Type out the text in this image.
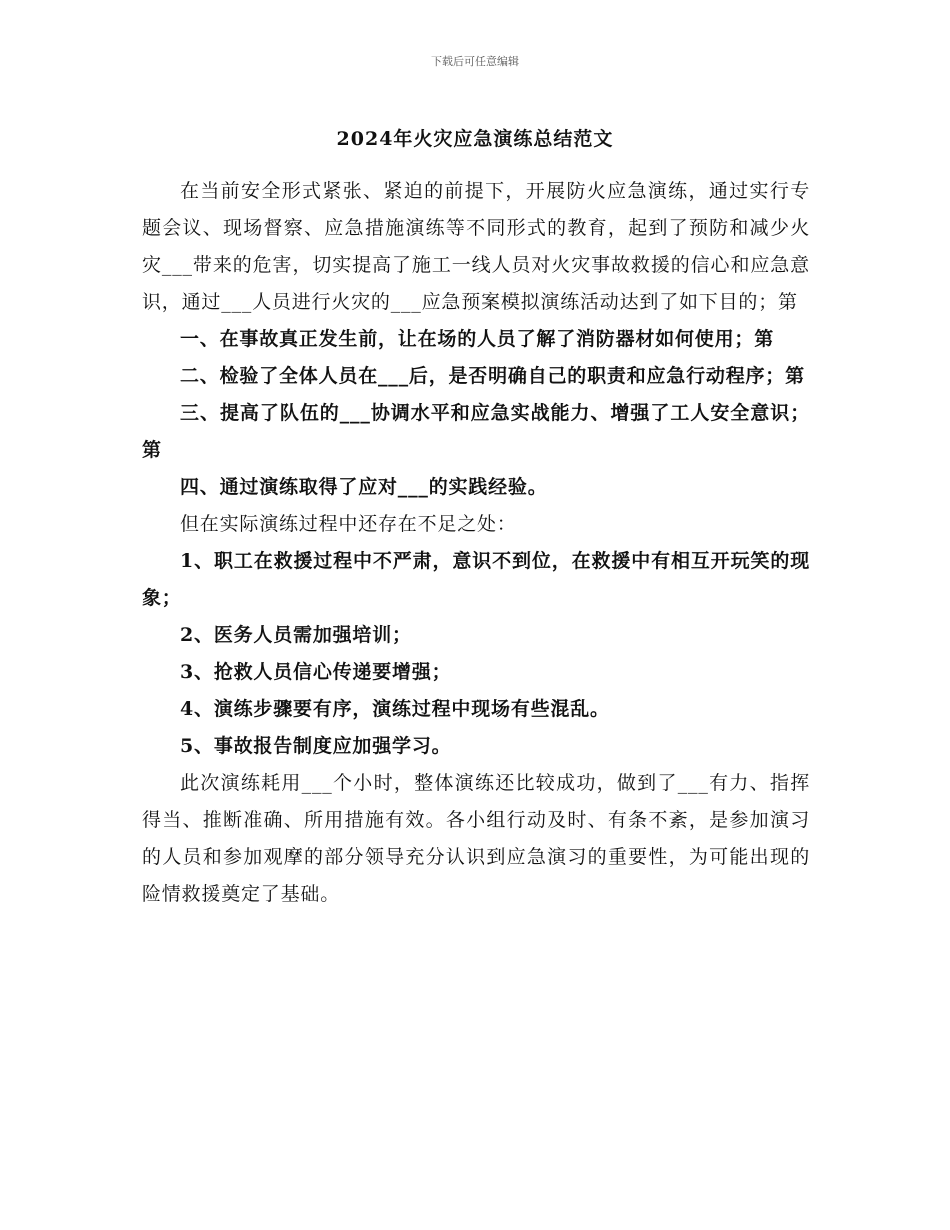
下载后可任意编辑
2024年火灾应急演练总结范文

在当前安全形式紧张、紧迫的前提下，开展防火应急演练，通过实行专题会议、现场督察、应急措施演练等不同形式的教育，起到了预防和减少火灾___带来的危害，切实提高了施工一线人员对火灾事故救援的信心和应急意识，通过___人员进行火灾的___应急预案模拟演练活动达到了如下目的；第

一、在事故真正发生前，让在场的人员了解了消防器材如何使用；第

二、检验了全体人员在___后，是否明确自己的职责和应急行动程序；第

三、提高了队伍的___协调水平和应急实战能力、增强了工人安全意识；第

四、通过演练取得了应对___的实践经验。

但在实际演练过程中还存在不足之处：

1、职工在救援过程中不严肃，意识不到位，在救援中有相互开玩笑的现象；

2、医务人员需加强培训；

3、抢救人员信心传递要增强；

4、演练步骤要有序，演练过程中现场有些混乱。

5、事故报告制度应加强学习。

此次演练耗用___个小时，整体演练还比较成功，做到了___有力、指挥得当、推断准确、所用措施有效。各小组行动及时、有条不紊，是参加演习的人员和参加观摩的部分领导充分认识到应急演习的重要性，为可能出现的险情救援奠定了基础。
